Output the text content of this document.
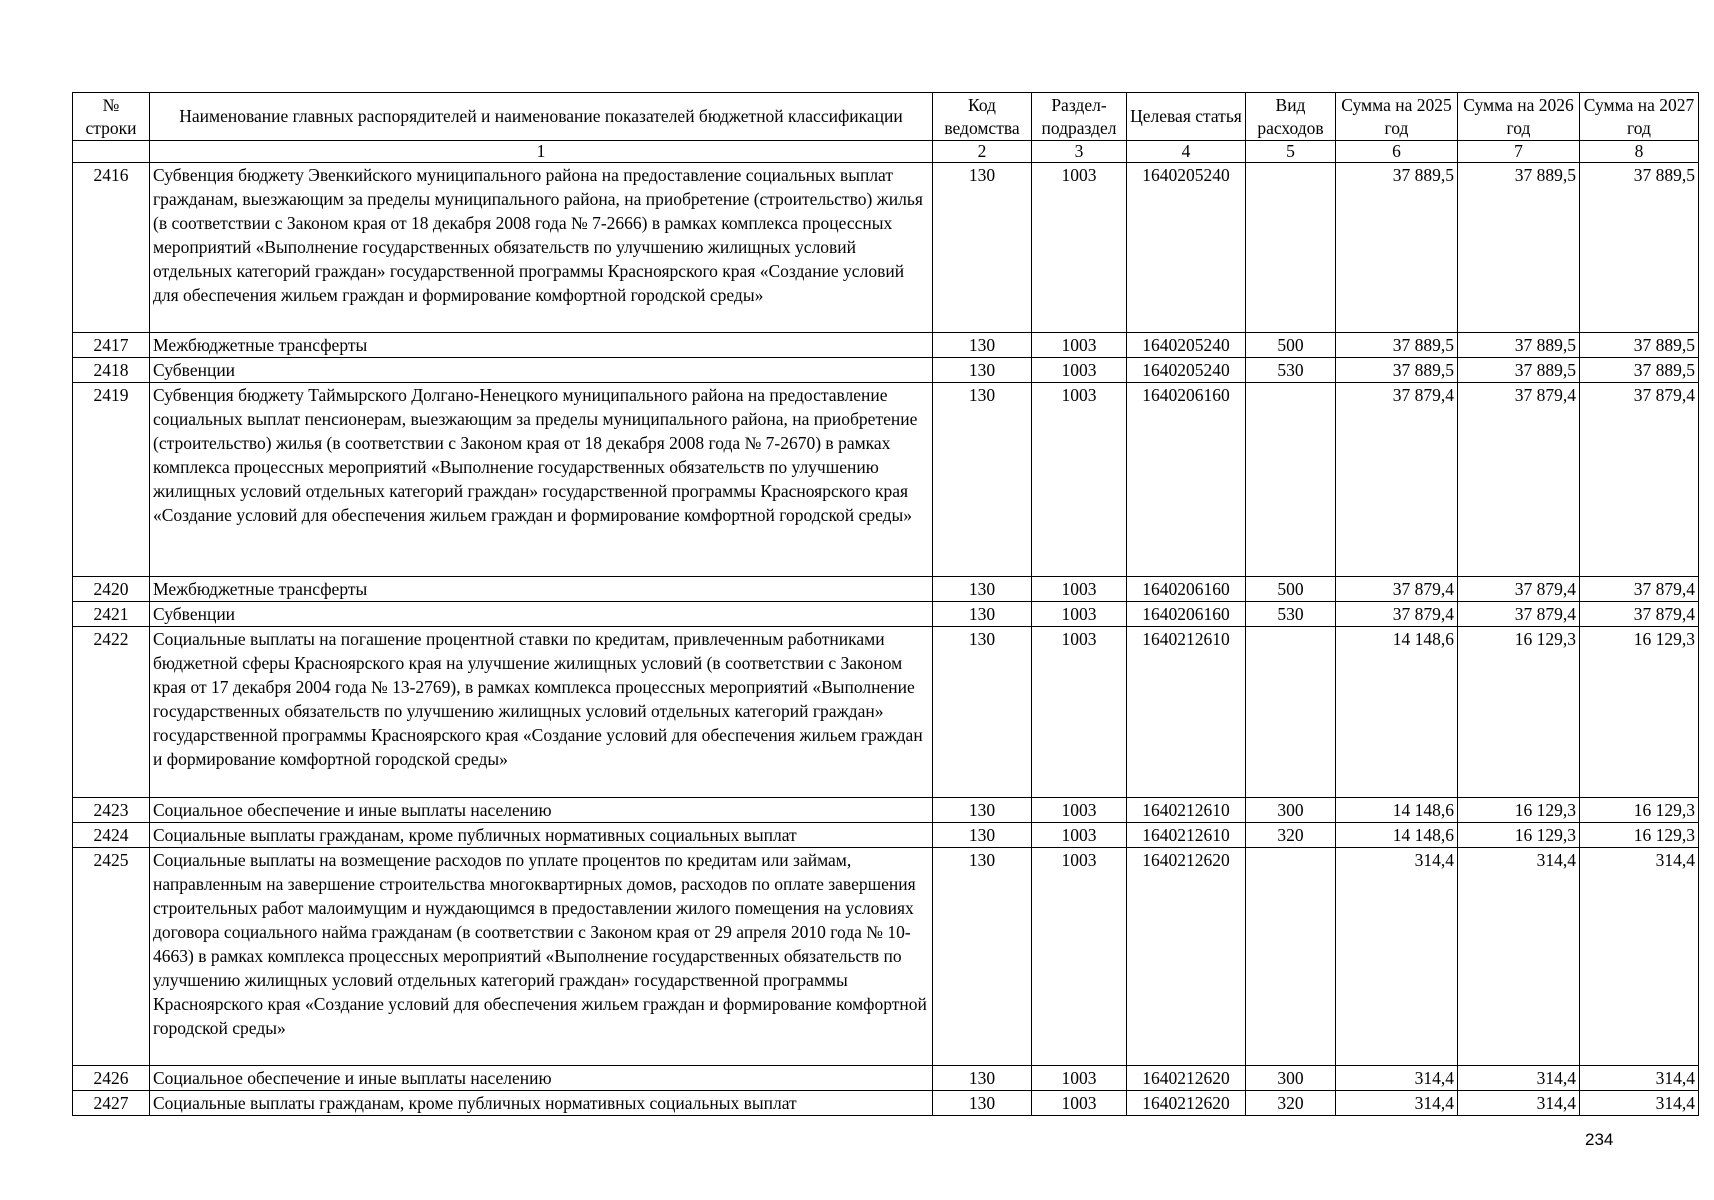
№ строки	Наименование главных распорядителей и наименование показателей бюджетной классификации	Код ведомства	Раздел-подраздел	Целевая статья	Вид расходов	Сумма на 2025 год	Сумма на 2026 год	Сумма на 2027 год
	1	2	3	4	5	6	7	8
2416	Субвенция бюджету Эвенкийского муниципального района на предоставление социальных выплат гражданам, выезжающим за пределы муниципального района, на приобретение (строительство) жилья (в соответствии с Законом края от 18 декабря 2008 года № 7-2666) в рамках комплекса процессных мероприятий «Выполнение государственных обязательств по улучшению жилищных условий отдельных категорий граждан» государственной программы Красноярского края «Создание условий для обеспечения жильем граждан и формирование комфортной городской среды»	130	1003	1640205240		37 889,5	37 889,5	37 889,5
2417	Межбюджетные трансферты	130	1003	1640205240	500	37 889,5	37 889,5	37 889,5
2418	Субвенции	130	1003	1640205240	530	37 889,5	37 889,5	37 889,5
2419	Субвенция бюджету Таймырского Долгано-Ненецкого муниципального района на предоставление социальных выплат пенсионерам, выезжающим за пределы муниципального района, на приобретение (строительство) жилья (в соответствии с Законом края от 18 декабря 2008 года № 7-2670) в рамках комплекса процессных мероприятий «Выполнение государственных обязательств по улучшению жилищных условий отдельных категорий граждан» государственной программы Красноярского края «Создание условий для обеспечения жильем граждан и формирование комфортной городской среды»	130	1003	1640206160		37 879,4	37 879,4	37 879,4
2420	Межбюджетные трансферты	130	1003	1640206160	500	37 879,4	37 879,4	37 879,4
2421	Субвенции	130	1003	1640206160	530	37 879,4	37 879,4	37 879,4
2422	Социальные выплаты на погашение процентной ставки по кредитам, привлеченным работниками бюджетной сферы Красноярского края на улучшение жилищных условий (в соответствии с Законом края от 17 декабря 2004 года № 13-2769), в рамках комплекса процессных мероприятий «Выполнение государственных обязательств по улучшению жилищных условий отдельных категорий граждан» государственной программы Красноярского края «Создание условий для обеспечения жильем граждан и формирование комфортной городской среды»	130	1003	1640212610		14 148,6	16 129,3	16 129,3
2423	Социальное обеспечение и иные выплаты населению	130	1003	1640212610	300	14 148,6	16 129,3	16 129,3
2424	Социальные выплаты гражданам, кроме публичных нормативных социальных выплат	130	1003	1640212610	320	14 148,6	16 129,3	16 129,3
2425	Социальные выплаты на возмещение расходов по уплате процентов по кредитам или займам, направленным на завершение строительства многоквартирных домов, расходов по оплате завершения строительных работ малоимущим и нуждающимся в предоставлении жилого помещения на условиях договора социального найма гражданам (в соответствии с Законом края от 29 апреля 2010 года № 10-4663) в рамках комплекса процессных мероприятий «Выполнение государственных обязательств по улучшению жилищных условий отдельных категорий граждан» государственной программы Красноярского края «Создание условий для обеспечения жильем граждан и формирование комфортной городской среды»	130	1003	1640212620		314,4	314,4	314,4
2426	Социальное обеспечение и иные выплаты населению	130	1003	1640212620	300	314,4	314,4	314,4
2427	Социальные выплаты гражданам, кроме публичных нормативных социальных выплат	130	1003	1640212620	320	314,4	314,4	314,4
234
